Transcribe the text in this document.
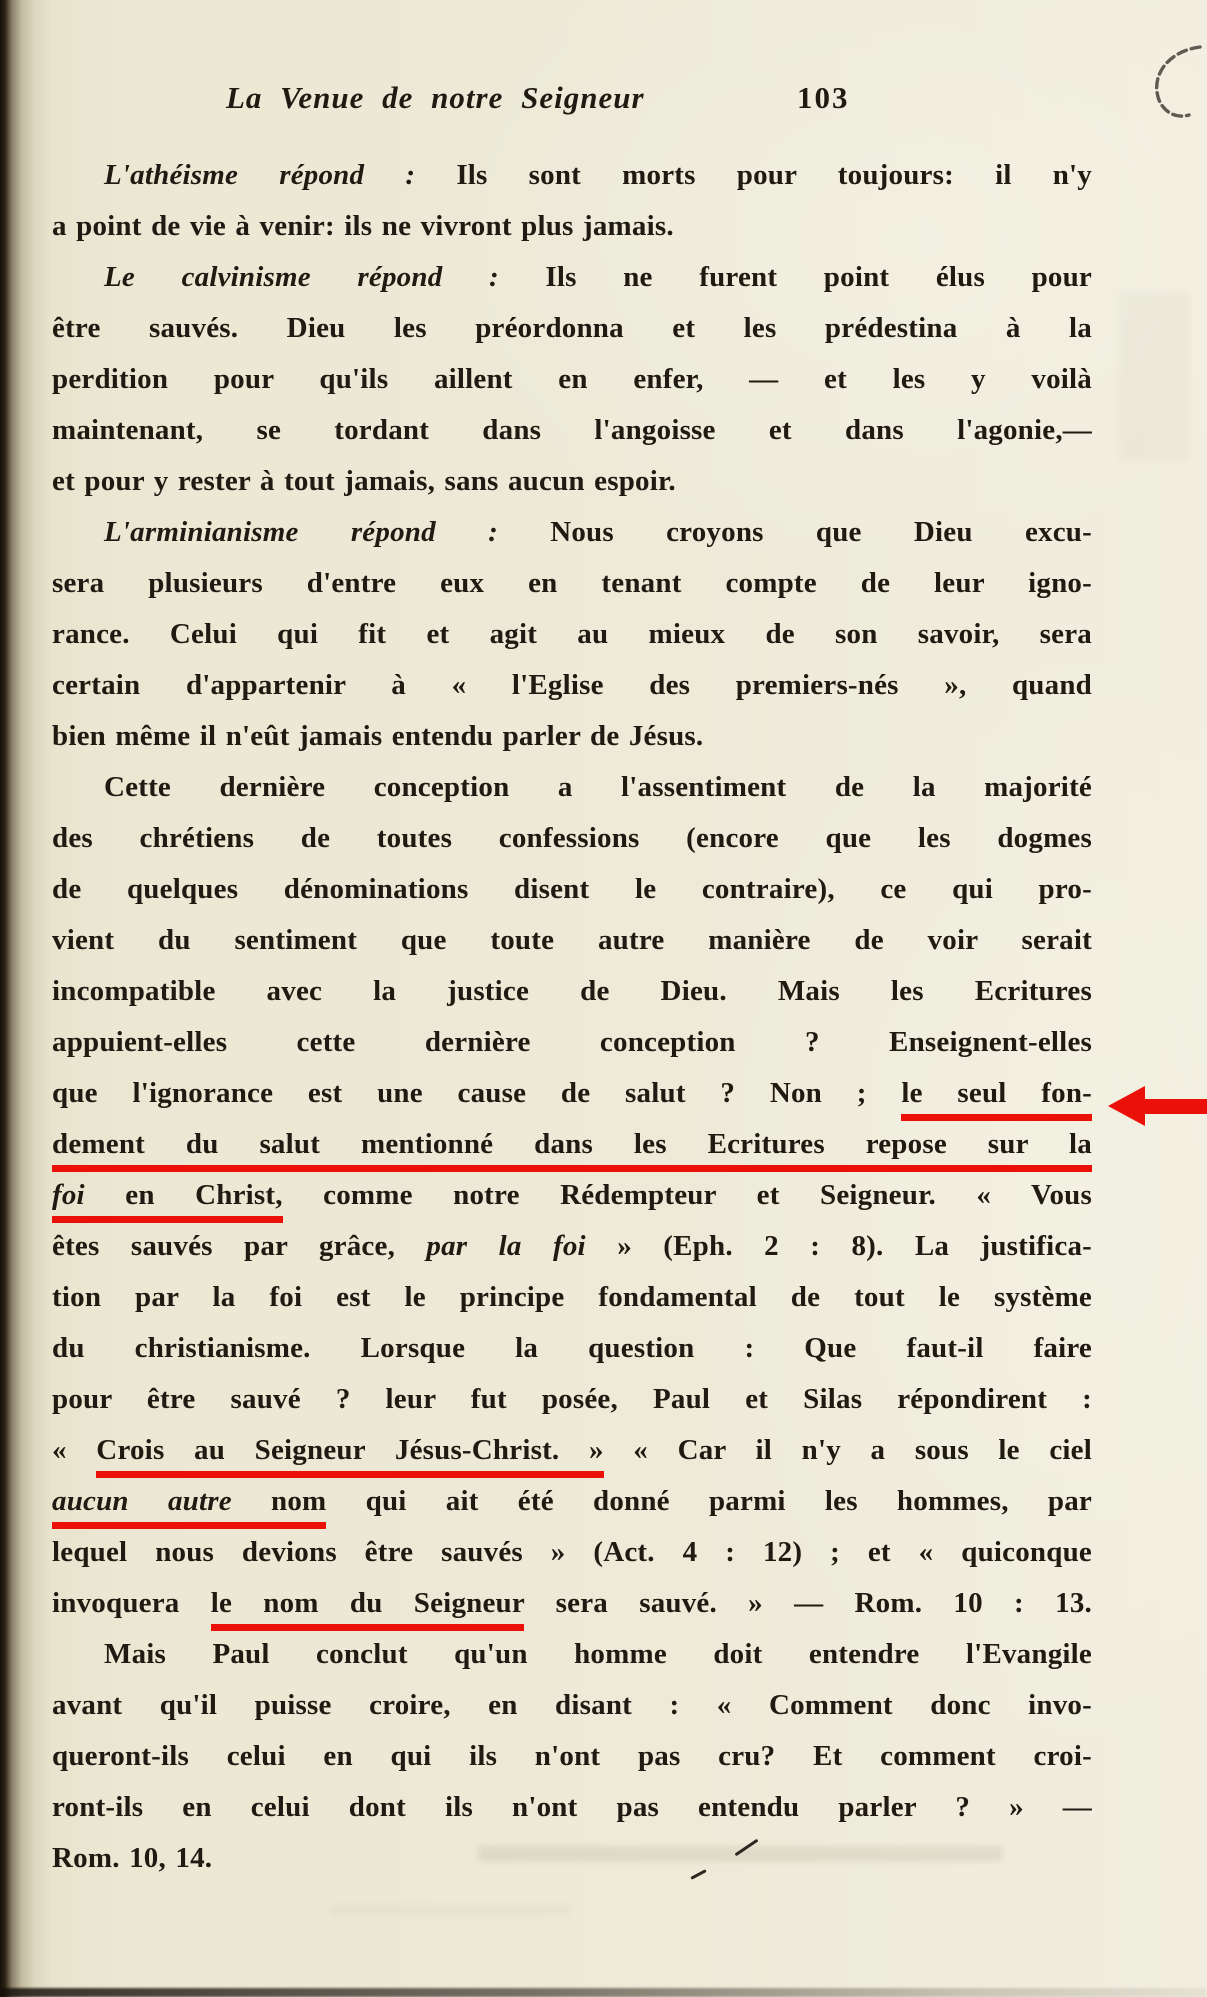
La Venue de notre Seigneur	103
L'athéisme répond : Ils sont morts pour toujours: il n'y
a point de vie à venir: ils ne vivront plus jamais.
Le calvinisme répond : Ils ne furent point élus pour
être sauvés. Dieu les préordonna et les prédestina à la
perdition pour qu'ils aillent en enfer, — et les y voilà
maintenant, se tordant dans l'angoisse et dans l'agonie,—
et pour y rester à tout jamais, sans aucun espoir.
L'arminianisme répond : Nous croyons que Dieu excu-
sera plusieurs d'entre eux en tenant compte de leur igno-
rance. Celui qui fit et agit au mieux de son savoir, sera
certain d'appartenir à « l'Eglise des premiers-nés », quand
bien même il n'eût jamais entendu parler de Jésus.
Cette dernière conception a l'assentiment de la majorité
des chrétiens de toutes confessions (encore que les dogmes
de quelques dénominations disent le contraire), ce qui pro-
vient du sentiment que toute autre manière de voir serait
incompatible avec la justice de Dieu. Mais les Ecritures
appuient-elles cette dernière conception ? Enseignent-elles
que l'ignorance est une cause de salut ? Non ; le seul fon-
dement du salut mentionné dans les Ecritures repose sur la
foi en Christ, comme notre Rédempteur et Seigneur. « Vous
êtes sauvés par grâce, par la foi » (Eph. 2 : 8). La justifica-
tion par la foi est le principe fondamental de tout le système
du christianisme. Lorsque la question : Que faut-il faire
pour être sauvé ? leur fut posée, Paul et Silas répondirent :
« Crois au Seigneur Jésus-Christ. » « Car il n'y a sous le ciel
aucun autre nom qui ait été donné parmi les hommes, par
lequel nous devions être sauvés » (Act. 4 : 12) ; et « quiconque
invoquera le nom du Seigneur sera sauvé. » — Rom. 10 : 13.
Mais Paul conclut qu'un homme doit entendre l'Evangile
avant qu'il puisse croire, en disant : « Comment donc invo-
queront-ils celui en qui ils n'ont pas cru? Et comment croi-
ront-ils en celui dont ils n'ont pas entendu parler ? » —
Rom. 10, 14.
